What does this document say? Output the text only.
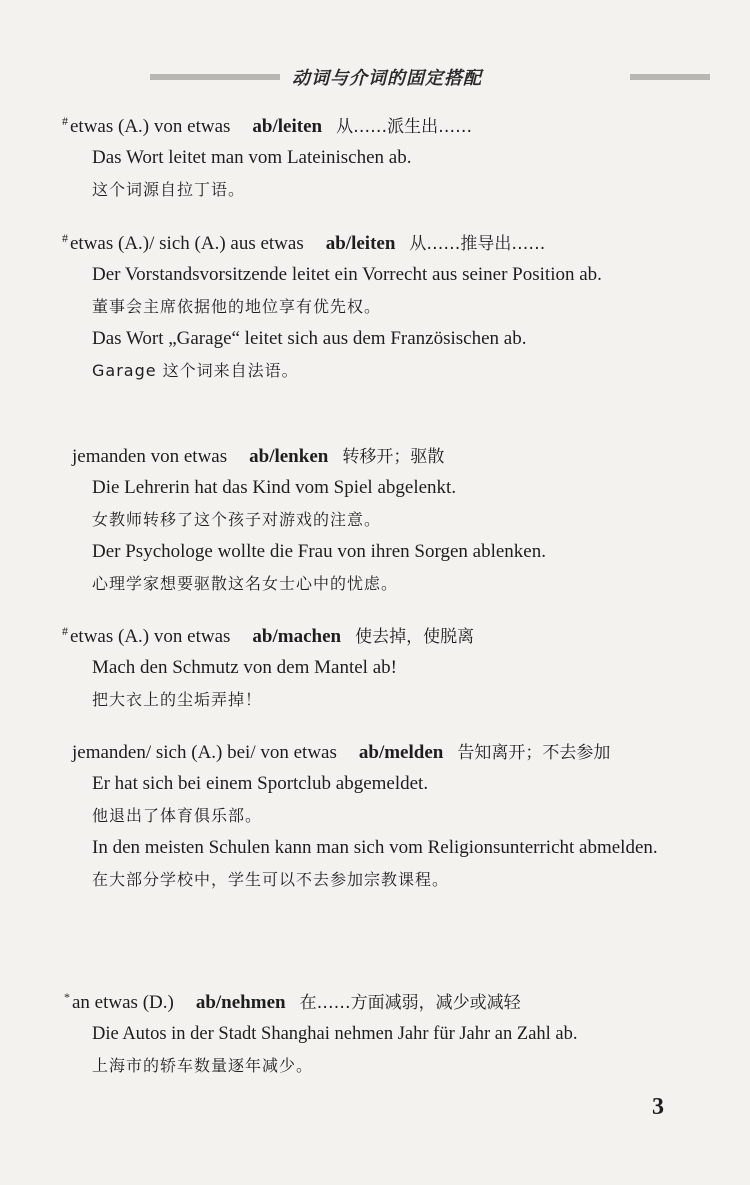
动词与介词的固定搭配
# etwas (A.) von etwas ab/leiten 从……派生出……
Das Wort leitet man vom Lateinischen ab.
这个词源自拉丁语。
# etwas (A.)/ sich (A.) aus etwas ab/leiten 从……推导出……
Der Vorstandsvorsitzende leitet ein Vorrecht aus seiner Position ab.
董事会主席依据他的地位享有优先权。
Das Wort „Garage“ leitet sich aus dem Französischen ab.
Garage 这个词来自法语。
jemanden von etwas ab/lenken 转移开；驱散
Die Lehrerin hat das Kind vom Spiel abgelenkt.
女教师转移了这个孩子对游戏的注意。
Der Psychologe wollte die Frau von ihren Sorgen ablenken.
心理学家想要驱散这名女士心中的忧虑。
# etwas (A.) von etwas ab/machen 使去掉，使脱离
Mach den Schmutz von dem Mantel ab!
把大衣上的尘垢弄掉！
jemanden/ sich (A.) bei/ von etwas ab/melden 告知离开；不去参加
Er hat sich bei einem Sportclub abgemeldet.
他退出了体育俱乐部。
In den meisten Schulen kann man sich vom Religionsunterricht abmelden.
在大部分学校中，学生可以不去参加宗教课程。
* an etwas (D.) ab/nehmen 在……方面减弱，减少或减轻
Die Autos in der Stadt Shanghai nehmen Jahr für Jahr an Zahl ab.
上海市的轿车数量逐年减少。
3
